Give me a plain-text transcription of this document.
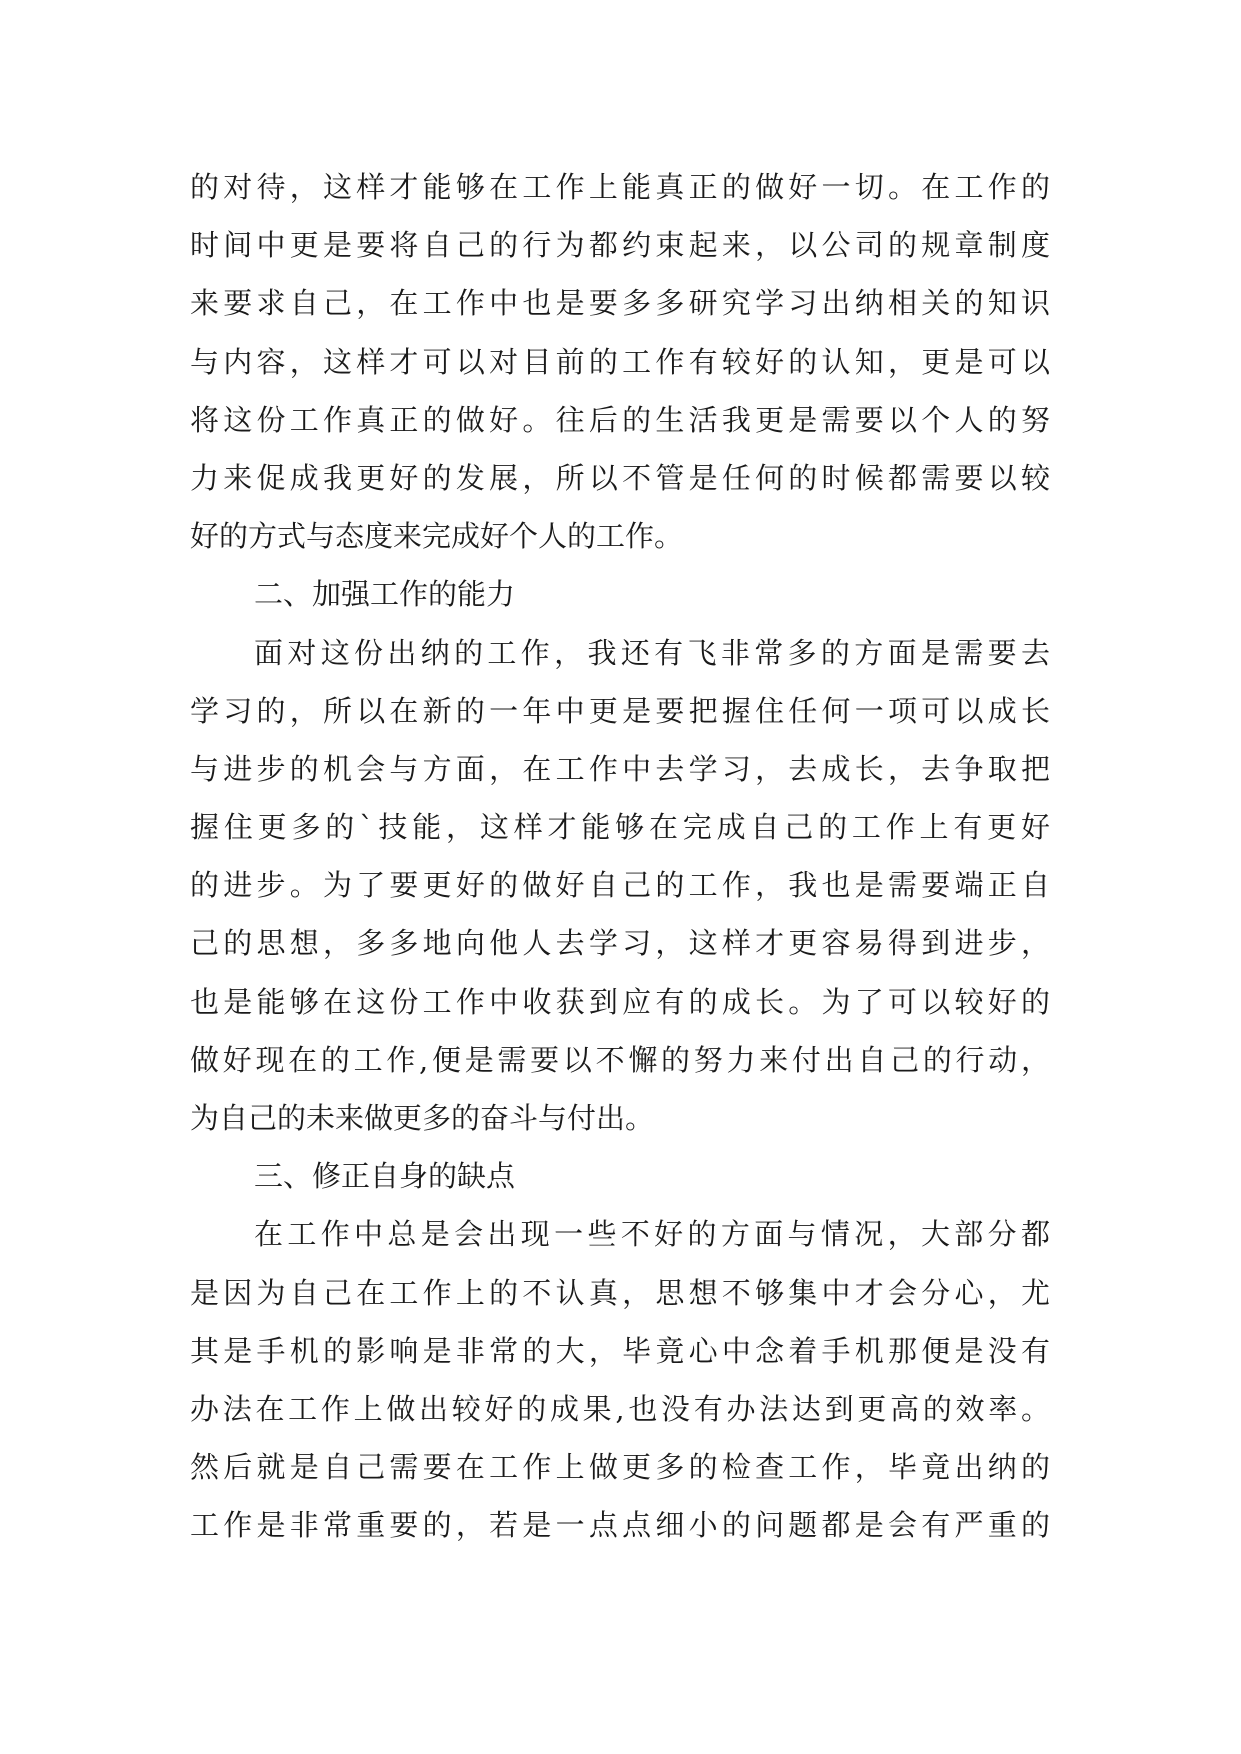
的对待，这样才能够在工作上能真正的做好一切。在工作的
时间中更是要将自己的行为都约束起来，以公司的规章制度
来要求自己，在工作中也是要多多研究学习出纳相关的知识
与内容，这样才可以对目前的工作有较好的认知，更是可以
将这份工作真正的做好。往后的生活我更是需要以个人的努
力来促成我更好的发展，所以不管是任何的时候都需要以较
好的方式与态度来完成好个人的工作。
二、加强工作的能力
面对这份出纳的工作，我还有飞非常多的方面是需要去
学习的，所以在新的一年中更是要把握住任何一项可以成长
与进步的机会与方面，在工作中去学习，去成长，去争取把
握住更多的`技能，这样才能够在完成自己的工作上有更好
的进步。为了要更好的做好自己的工作，我也是需要端正自
己的思想，多多地向他人去学习，这样才更容易得到进步，
也是能够在这份工作中收获到应有的成长。为了可以较好的
做好现在的工作,便是需要以不懈的努力来付出自己的行动，
为自己的未来做更多的奋斗与付出。
三、修正自身的缺点
在工作中总是会出现一些不好的方面与情况，大部分都
是因为自己在工作上的不认真，思想不够集中才会分心，尤
其是手机的影响是非常的大，毕竟心中念着手机那便是没有
办法在工作上做出较好的成果,也没有办法达到更高的效率。
然后就是自己需要在工作上做更多的检查工作，毕竟出纳的
工作是非常重要的，若是一点点细小的问题都是会有严重的
